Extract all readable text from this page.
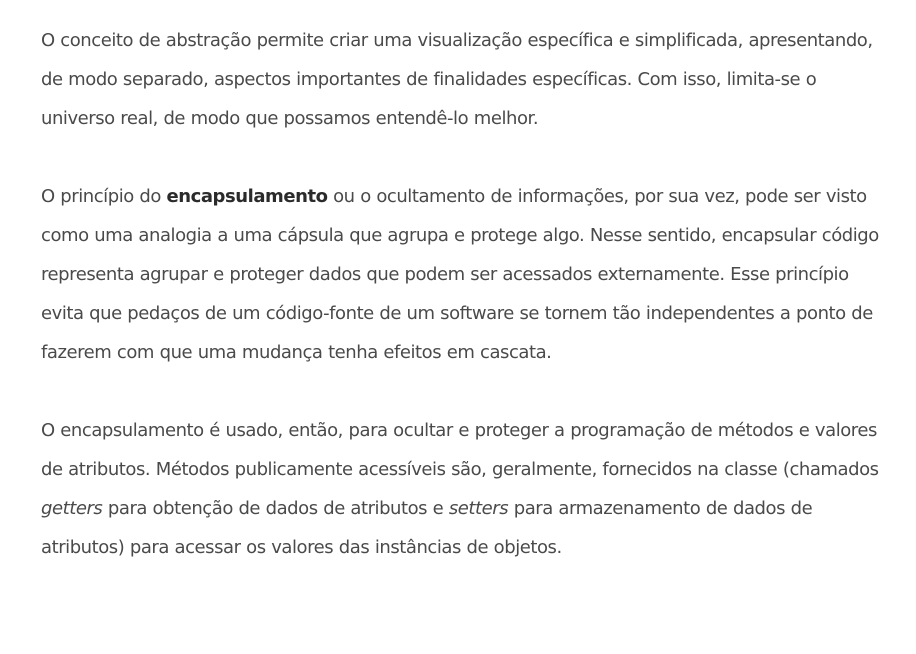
O conceito de abstração permite criar uma visualização específica e simplificada, apresentando, de modo separado, aspectos importantes de finalidades específicas. Com isso, limita-se o universo real, de modo que possamos entendê-lo melhor.

O princípio do encapsulamento ou o ocultamento de informações, por sua vez, pode ser visto como uma analogia a uma cápsula que agrupa e protege algo. Nesse sentido, encapsular código representa agrupar e proteger dados que podem ser acessados externamente. Esse princípio evita que pedaços de um código-fonte de um software se tornem tão independentes a ponto de fazerem com que uma mudança tenha efeitos em cascata.

O encapsulamento é usado, então, para ocultar e proteger a programação de métodos e valores de atributos. Métodos publicamente acessíveis são, geralmente, fornecidos na classe (chamados getters para obtenção de dados de atributos e setters para armazenamento de dados de atributos) para acessar os valores das instâncias de objetos.
